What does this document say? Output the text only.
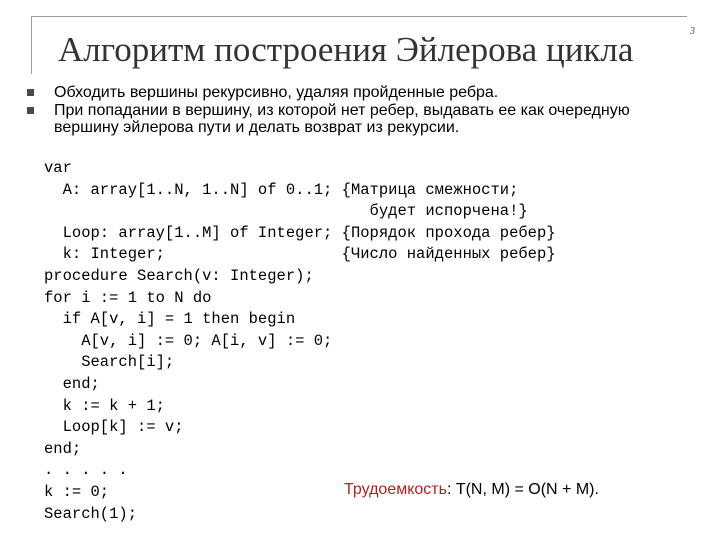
3
Алгоритм построения Эйлерова цикла
Обходить вершины рекурсивно, удаляя пройденные ребра.
При попадании в вершину, из которой нет ребер, выдавать ее как очередную вершину эйлерова пути и делать возврат из рекурсии.
var
A: array[1..N, 1..N] of 0..1; {Матрица смежности;
будет испорчена!}
Loop: array[1..M] of Integer; {Порядок прохода ребер}
k: Integer;                   {Число найденных ребер}
procedure Search(v: Integer);
for i := 1 to N do
if A[v, i] = 1 then begin
A[v, i] := 0; A[i, v] := 0;
Search[i];
end;
k := k + 1;
Loop[k] := v;
end;
. . . . .
k := 0;
Search(1);
Трудоемкость: T(N, M) = O(N + M).
